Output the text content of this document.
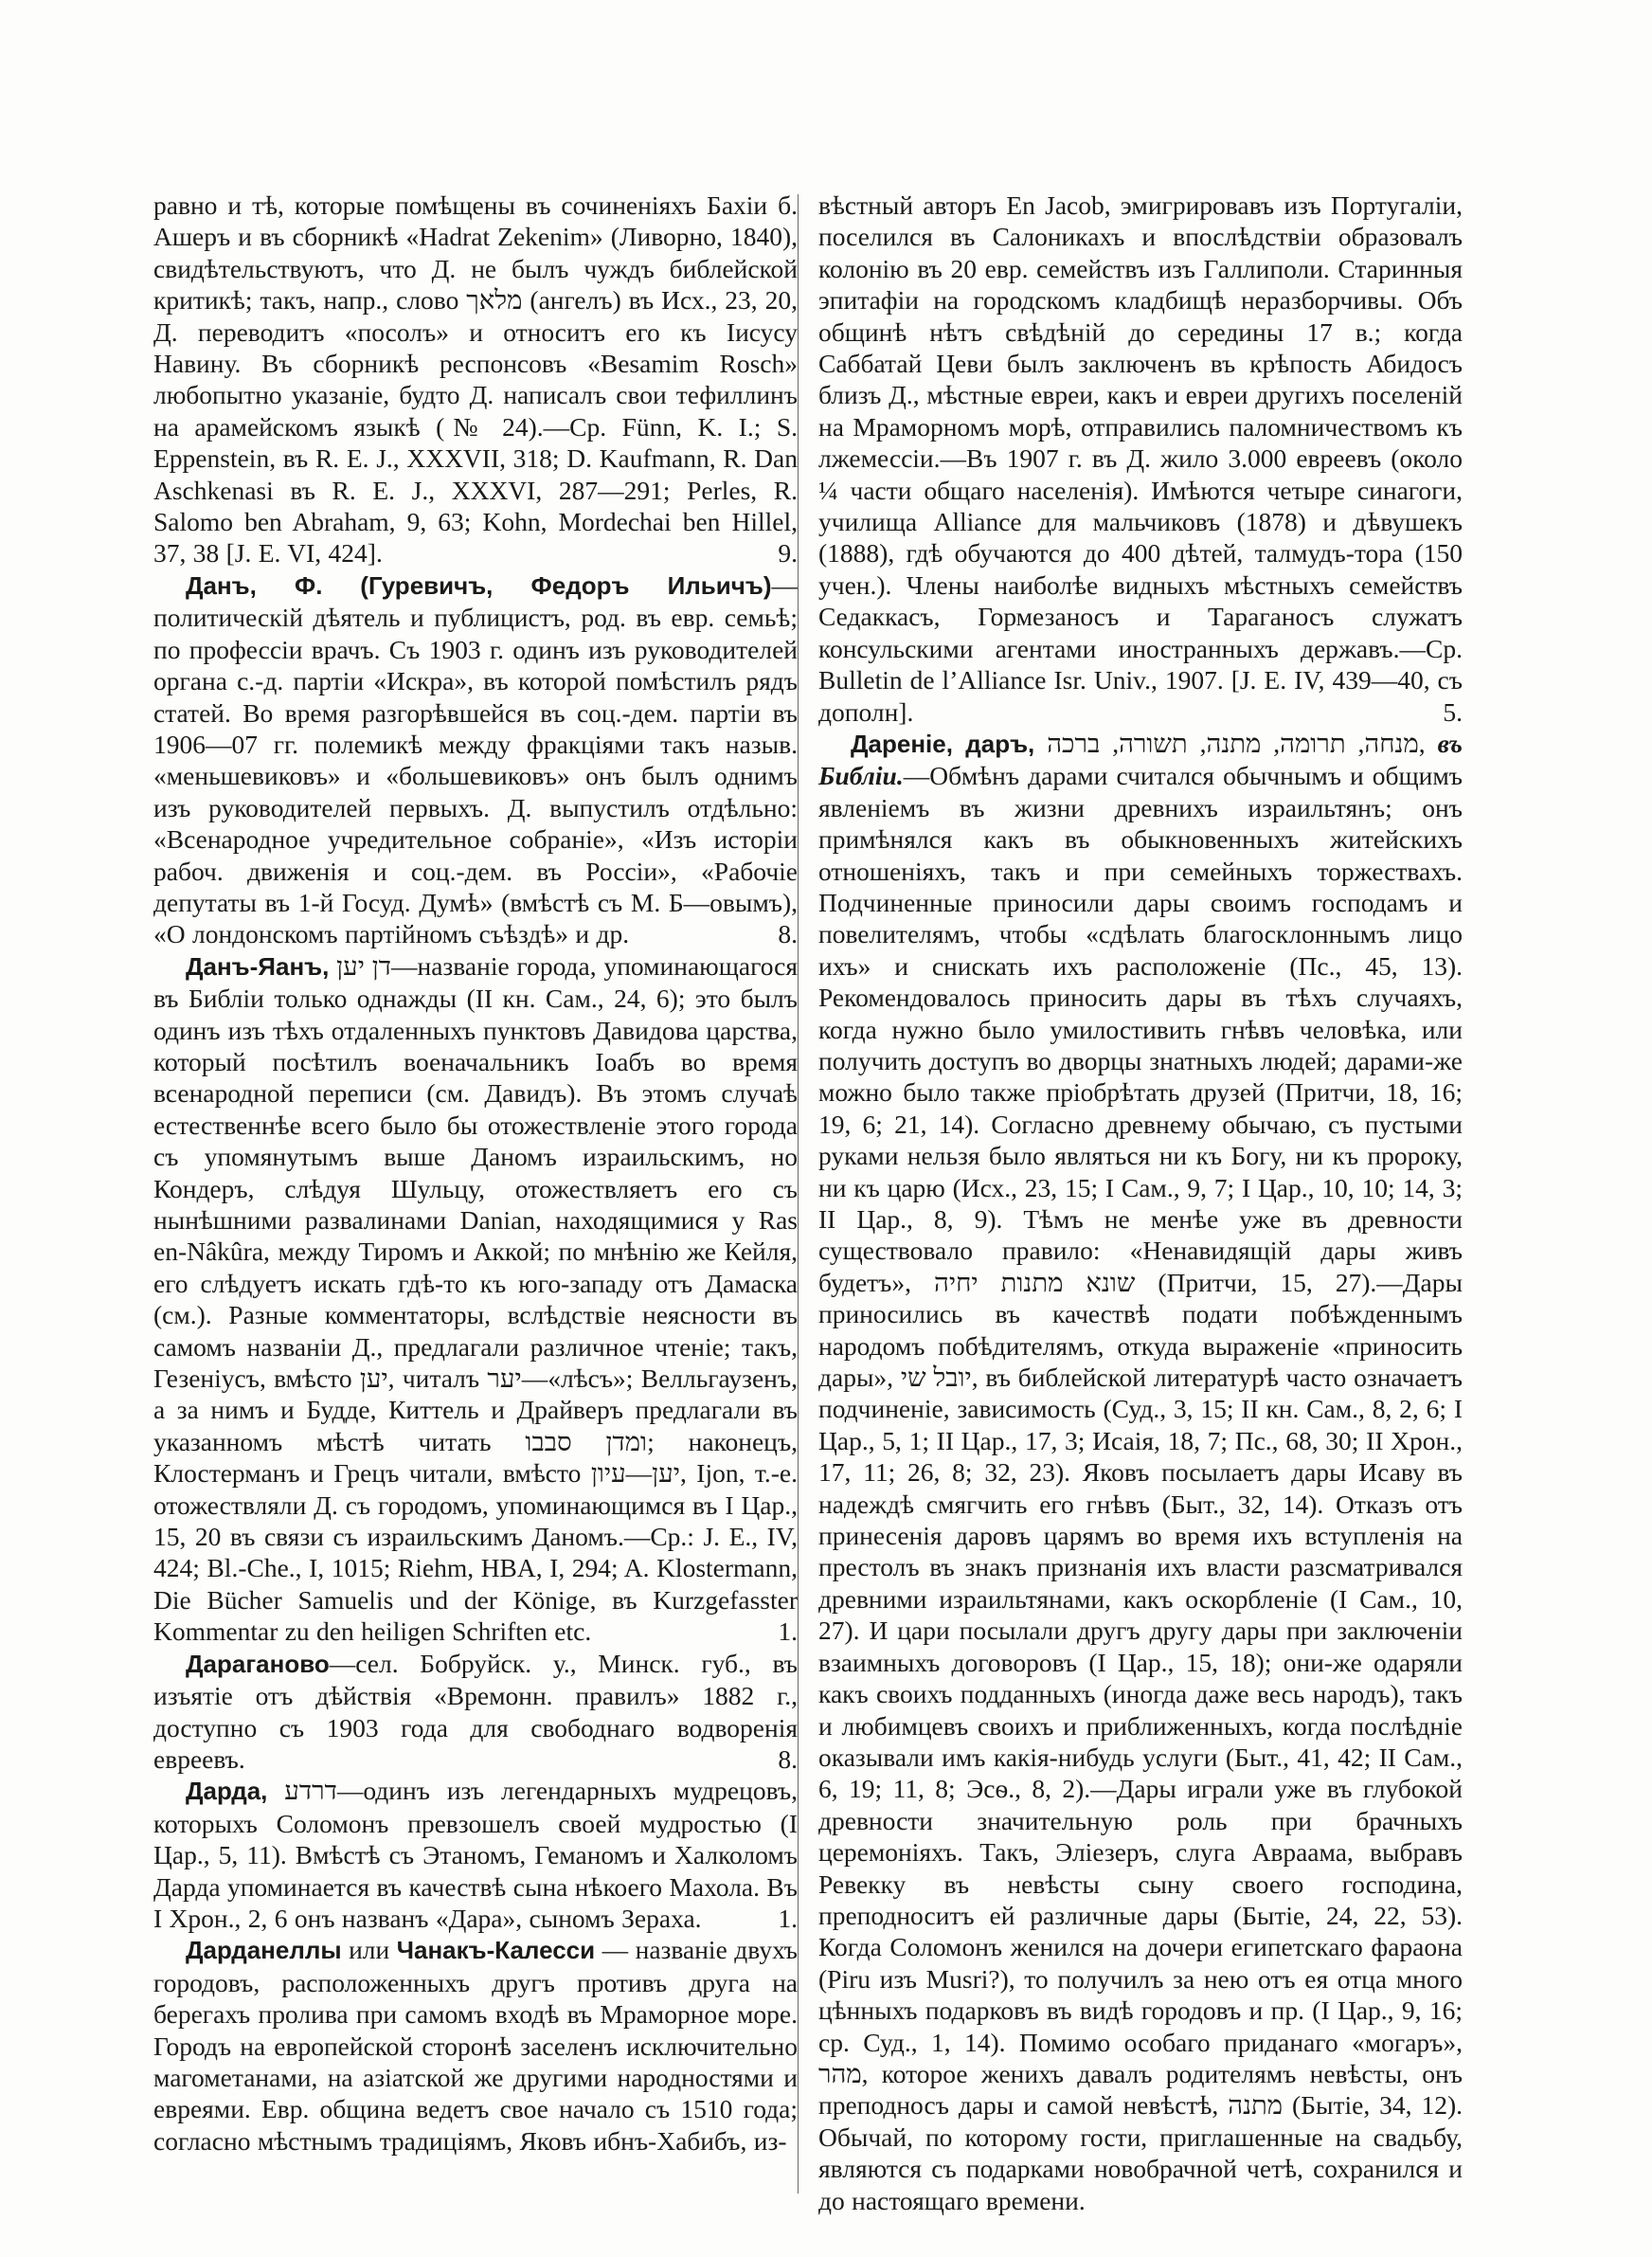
равно и тѣ, которые помѣщены въ сочиненіяхъ Бахіи б. Ашеръ и въ сборникѣ «Hadrat Zekenim» (Ливорно, 1840), свидѣтельствуютъ, что Д. не былъ чуждъ библейской критикѣ; такъ, напр., слово מלאך (ангелъ) въ Исх., 23, 20, Д. переводитъ «посолъ» и относитъ его къ Іисусу Навину. Въ сборникѣ респонсовъ «Besamim Rosch» любопытно указаніе, будто Д. написалъ свои тефиллинъ на арамейскомъ языкѣ (№ 24).—Ср. Fünn, K. I.; S. Eppenstein, въ R. E. J., XXXVII, 318; D. Kaufmann, R. Dan Aschkenasi въ R. E. J., XXXVI, 287—291; Perles, R. Salomo ben Abraham, 9, 63; Kohn, Mordechai ben Hillel, 37, 38 [J. E. VI, 424].	9.

Данъ, Ф. (Гуревичъ, Федоръ Ильичъ)—политическій дѣятель и публицистъ, род. въ евр. семьѣ; по профессіи врачъ. Съ 1903 г. одинъ изъ руководителей органа с.-д. партіи «Искра», въ которой помѣстилъ рядъ статей. Во время разгорѣвшейся въ соц.-дем. партіи въ 1906—07 гг. полемикѣ между фракціями такъ назыв. «меньшевиковъ» и «большевиковъ» онъ былъ однимъ изъ руководителей первыхъ. Д. выпустилъ отдѣльно: «Всенародное учредительное собраніе», «Изъ исторіи рабоч. движенія и соц.-дем. въ Россіи», «Рабочіе депутаты въ 1-й Госуд. Думѣ» (вмѣстѣ съ М. Б—овымъ), «О лондонскомъ партійномъ съѣздѣ» и др.	8.

Данъ-Яанъ, דן יען—названіе города, упоминающагося въ Библіи только однажды (II кн. Сам., 24, 6); это былъ одинъ изъ тѣхъ отдаленныхъ пунктовъ Давидова царства, который посѣтилъ военачальникъ Іоабъ во время всенародной переписи (см. Давидъ). Въ этомъ случаѣ естественнѣе всего было бы отожествленіе этого города съ упомянутымъ выше Даномъ израильскимъ, но Кондеръ, слѣдуя Шульцу, отожествляетъ его съ нынѣшними развалинами Danian, находящимися у Ras en-Nâkûra, между Тиромъ и Аккой; по мнѣнію же Кейля, его слѣдуетъ искать гдѣ-то къ юго-западу отъ Дамаска (см.). Разные комментаторы, вслѣдствіе неясности въ самомъ названіи Д., предлагали различное чтеніе; такъ, Гезеніусъ, вмѣсто יען, читалъ יער—«лѣсъ»; Велльгаузенъ, а за нимъ и Будде, Киттель и Драйверъ предлагали въ указанномъ мѣстѣ читать ומדן סבבו; наконецъ, Клостерманъ и Грецъ читали, вмѣсто יען—עיון, Ijon, т.-е. отожествляли Д. съ городомъ, упоминающимся въ I Цар., 15, 20 въ связи съ израильскимъ Даномъ.—Ср.: J. E., IV, 424; Bl.-Che., I, 1015; Riehm, HBA, I, 294; A. Klostermann, Die Bücher Samuelis und der Könige, въ Kurzgefasster Kommentar zu den heiligen Schriften etc.	1.

Дараганово—сел. Бобруйск. у., Минск. губ., въ изъятіе отъ дѣйствія «Времонн. правилъ» 1882 г., доступно съ 1903 года для свободнаго водворенія евреевъ.	8.

Дарда, דרדע—одинъ изъ легендарныхъ мудрецовъ, которыхъ Соломонъ превзошелъ своей мудростью (I Цар., 5, 11). Вмѣстѣ съ Этаномъ, Геманомъ и Халколомъ Дарда упоминается въ качествѣ сына нѣкоего Махола. Въ I Хрон., 2, 6 онъ названъ «Дара», сыномъ Зераха.	1.

Дарданеллы или Чанакъ-Калесси — названіе двухъ городовъ, расположенныхъ другъ противъ друга на берегахъ пролива при самомъ входѣ въ Мраморное море. Городъ на европейской сторонѣ заселенъ исключительно магометанами, на азіатской же другими народностями и евреями. Евр. община ведетъ свое начало съ 1510 года; согласно мѣстнымъ традиціямъ, Яковъ ибнъ-Хабибъ, из-

вѣстный авторъ En Jacob, эмигрировавъ изъ Португаліи, поселился въ Салоникахъ и впослѣдствіи образовалъ колонію въ 20 евр. семействъ изъ Галлиполи. Старинныя эпитафіи на городскомъ кладбищѣ неразборчивы. Объ общинѣ нѣтъ свѣдѣній до середины 17 в.; когда Саббатай Цеви былъ заключенъ въ крѣпость Абидосъ близъ Д., мѣстные евреи, какъ и евреи другихъ поселеній на Мраморномъ морѣ, отправились паломничествомъ къ лжемессіи.—Въ 1907 г. въ Д. жило 3.000 евреевъ (около ¼ части общаго населенія). Имѣются четыре синагоги, училища Alliance для мальчиковъ (1878) и дѣвушекъ (1888), гдѣ обучаются до 400 дѣтей, талмудъ-тора (150 учен.). Члены наиболѣе видныхъ мѣстныхъ семействъ Седаккасъ, Гормезаносъ и Тараганосъ служатъ консульскими агентами иностранныхъ державъ.—Ср. Bulletin de l’Alliance Isr. Univ., 1907. [J. E. IV, 439—40, съ дополн].	5.

Дареніе, даръ, מנחה, תרומה, מתנה, תשורה, ברכה, въ Библіи.—Обмѣнъ дарами считался обычнымъ и общимъ явленіемъ въ жизни древнихъ израильтянъ; онъ примѣнялся какъ въ обыкновенныхъ житейскихъ отношеніяхъ, такъ и при семейныхъ торжествахъ. Подчиненные приносили дары своимъ господамъ и повелителямъ, чтобы «сдѣлать благосклоннымъ лицо ихъ» и снискать ихъ расположеніе (Пс., 45, 13). Рекомендовалось приносить дары въ тѣхъ случаяхъ, когда нужно было умилостивить гнѣвъ человѣка, или получить доступъ во дворцы знатныхъ людей; дарами-же можно было также пріобрѣтать друзей (Притчи, 18, 16; 19, 6; 21, 14). Согласно древнему обычаю, съ пустыми руками нельзя было являться ни къ Богу, ни къ пророку, ни къ царю (Исх., 23, 15; I Сам., 9, 7; I Цар., 10, 10; 14, 3; II Цар., 8, 9). Тѣмъ не менѣе уже въ древности существовало правило: «Ненавидящій дары живъ будетъ», שונא מתנות יחיה (Притчи, 15, 27).—Дары приносились въ качествѣ подати побѣжденнымъ народомъ побѣдителямъ, откуда выраженіе «приносить дары», יובל שי, въ библейской литературѣ часто означаетъ подчиненіе, зависимость (Суд., 3, 15; II кн. Сам., 8, 2, 6; I Цар., 5, 1; II Цар., 17, 3; Исаія, 18, 7; Пс., 68, 30; II Хрон., 17, 11; 26, 8; 32, 23). Яковъ посылаетъ дары Исаву въ надеждѣ смягчить его гнѣвъ (Быт., 32, 14). Отказъ отъ принесенія даровъ царямъ во время ихъ вступленія на престолъ въ знакъ признанія ихъ власти разсматривался древними израильтянами, какъ оскорбленіе (I Сам., 10, 27). И цари посылали другъ другу дары при заключеніи взаимныхъ договоровъ (I Цар., 15, 18); они-же одаряли какъ своихъ подданныхъ (иногда даже весь народъ), такъ и любимцевъ своихъ и приближенныхъ, когда послѣдніе оказывали имъ какія-нибудь услуги (Быт., 41, 42; II Сам., 6, 19; 11, 8; Эсѳ., 8, 2).—Дары играли уже въ глубокой древности значительную роль при брачныхъ церемоніяхъ. Такъ, Эліезеръ, слуга Авраама, выбравъ Ревекку въ невѣсты сыну своего господина, преподноситъ ей различные дары (Бытіе, 24, 22, 53). Когда Соломонъ женился на дочери египетскаго фараона (Piru изъ Musri?), то получилъ за нею отъ ея отца много цѣнныхъ подарковъ въ видѣ городовъ и пр. (I Цар., 9, 16; ср. Суд., 1, 14). Помимо особаго приданаго «могаръ», מהר, которое женихъ давалъ родителямъ невѣсты, онъ преподносъ дары и самой невѣстѣ, מתנה (Бытіе, 34, 12). Обычай, по которому гости, приглашенные на свадьбу, являются съ подарками новобрачной четѣ, сохранился и до настоящаго времени.
